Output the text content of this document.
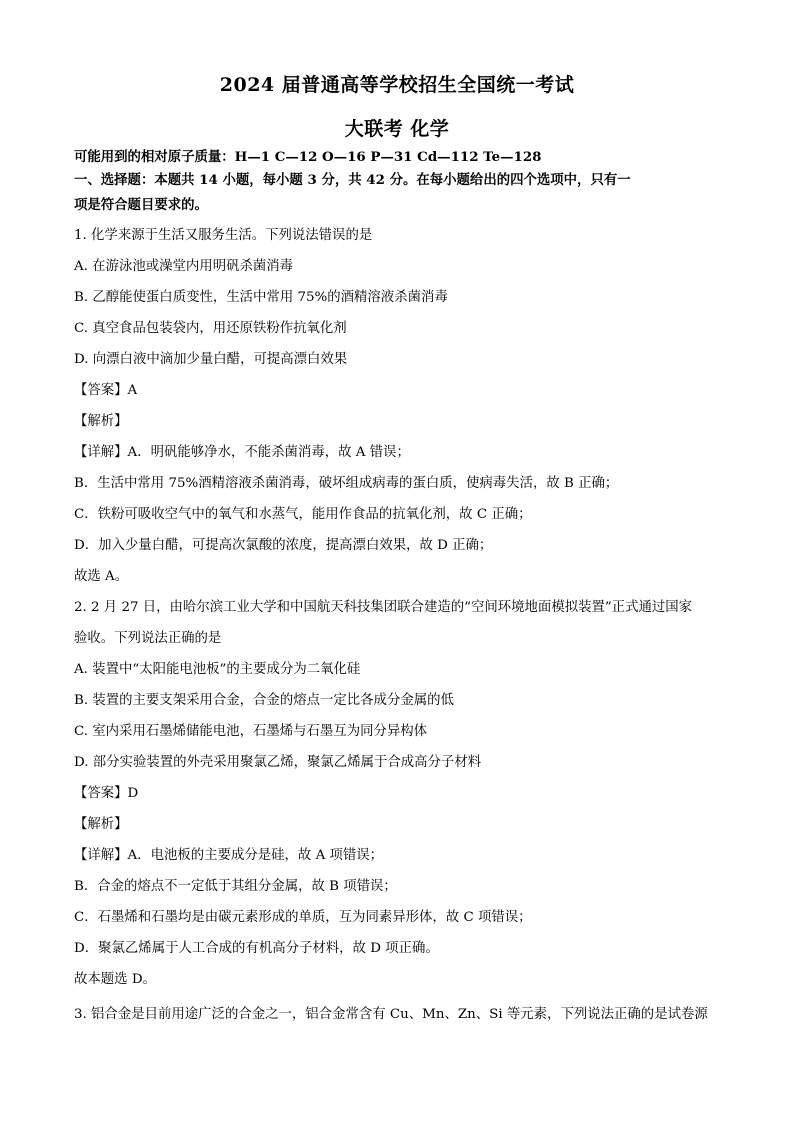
2024 届普通高等学校招生全国统一考试
大联考 化学
可能用到的相对原子质量：H—1 C—12 O—16 P—31 Cd—112 Te—128
一、选择题：本题共 14 小题，每小题 3 分，共 42 分。在每小题给出的四个选项中，只有一
项是符合题目要求的。
1. 化学来源于生活又服务生活。下列说法错误的是
A. 在游泳池或澡堂内用明矾杀菌消毒
B. 乙醇能使蛋白质变性，生活中常用 75%的酒精溶液杀菌消毒
C. 真空食品包装袋内，用还原铁粉作抗氧化剂
D. 向漂白液中滴加少量白醋，可提高漂白效果
【答案】A
【解析】
【详解】A．明矾能够净水，不能杀菌消毒，故 A 错误；
B．生活中常用 75%酒精溶液杀菌消毒，破坏组成病毒的蛋白质，使病毒失活，故 B 正确；
C．铁粉可吸收空气中的氧气和水蒸气，能用作食品的抗氧化剂，故 C 正确；
D．加入少量白醋，可提高次氯酸的浓度，提高漂白效果，故 D 正确；
故选 A。
2. 2 月 27 日，由哈尔滨工业大学和中国航天科技集团联合建造的“空间环境地面模拟装置”正式通过国家
验收。下列说法正确的是
A. 装置中“太阳能电池板”的主要成分为二氧化硅
B. 装置的主要支架采用合金，合金的熔点一定比各成分金属的低
C. 室内采用石墨烯储能电池，石墨烯与石墨互为同分异构体
D. 部分实验装置的外壳采用聚氯乙烯，聚氯乙烯属于合成高分子材料
【答案】D
【解析】
【详解】A．电池板的主要成分是硅，故 A 项错误；
B．合金的熔点不一定低于其组分金属，故 B 项错误；
C．石墨烯和石墨均是由碳元素形成的单质，互为同素异形体，故 C 项错误；
D．聚氯乙烯属于人工合成的有机高分子材料，故 D 项正确。
故本题选 D。
3. 铝合金是目前用途广泛的合金之一，铝合金常含有 Cu、Mn、Zn、Si 等元素，下列说法正确的是试卷源
